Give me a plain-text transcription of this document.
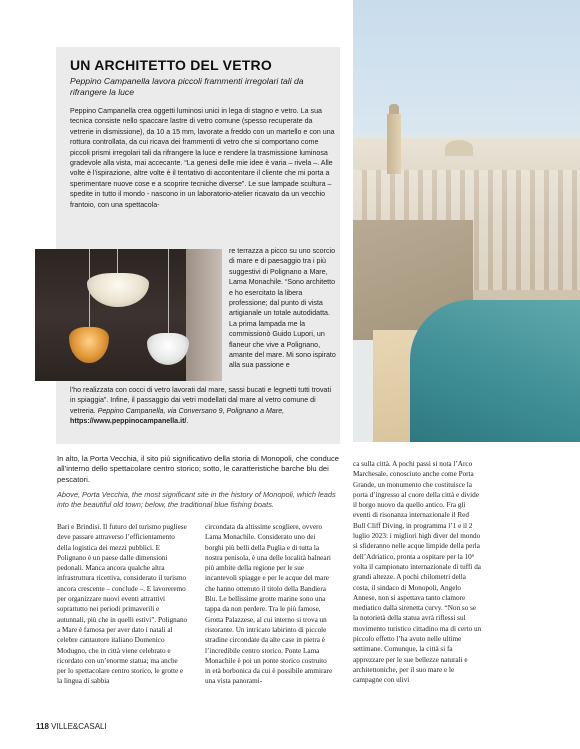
UN ARCHITETTO DEL VETRO
Peppino Campanella lavora piccoli frammenti irregolari tali da rifrangere la luce

Peppino Campanella crea oggetti luminosi unici in lega di stagno e vetro. La sua tecnica consiste nello spaccare lastre di vetro comune (spesso recuperate da vetrerie in dismissione), da 10 a 15 mm, lavorate a freddo con un martello e con una rottura controllata, da cui ricava dei frammenti di vetro che si comportano come piccoli prismi irregolari tali da rifrangere la luce e rendere la trasmissione luminosa gradevole alla vista, mai accecante. “La genesi delle mie idee è varia – rivela –. Alle volte è l’ispirazione, altre volte è il tentativo di accontentare il cliente che mi porta a sperimentare nuove cose e a scoprire tecniche diverse”. Le sue lampade scultura – spedite in tutto il mondo - nascono in un laboratorio-atelier ricavato da un vecchio frantoio, con una spettacola-

re terrazza a picco su uno scorcio di mare e di paesaggio tra i più suggestivi di Polignano a Mare, Lama Monachile. “Sono architetto e ho esercitato la libera professione; dal punto di vista artigianale un totale autodidatta. La prima lampada me la commissionò Guido Lupori, un flaneur che vive a Polignano, amante del mare. Mi sono ispirato alla sua passione e

l’ho realizzata con cocci di vetro lavorati dal mare, sassi bucati e legnetti tutti trovati in spiaggia”. Infine, il passaggio dai vetri modellati dal mare al vetro comune di vetreria. Peppino Campanella, via Conversano 9, Polignano a Mare, https://www.peppinocampanella.it/.

In alto, la Porta Vecchia, il sito più significativo della storia di Monopoli, che conduce all’interno dello spettacolare centro storico; sotto, le caratteristiche barche blu dei pescatori.
Above, Porta Vecchia, the most significant site in the history of Monopoli, which leads into the beautiful old town; below, the traditional blue fishing boats.

Bari e Brindisi. Il futuro del turismo pugliese deve passare attraverso l’efficientamento della logistica dei mezzi pubblici. E Polignano è un paese dalle dimensioni pedonali. Manca ancora qualche altra infrastruttura ricettiva, considerato il turismo ancora crescente – conclude –. E lavoreremo per organizzare nuovi eventi attrattivi soprattutto nei periodi primaverili e autunnali, più che in quelli estivi”. Polignano a Mare è famosa per aver dato i natali al celebre cantautore italiano Domenico Modugno, che in città viene celebrato e ricordato con un’enorme statua; ma anche per lo spettacolare centro storico, le grotte e la lingua di sabbia

circondata da altissime scogliere, ovvero Lama Monachile. Considerato uno dei borghi più belli della Puglia e di tutta la nostra penisola, è una delle località balneari più ambite della regione per le sue incantevoli spiagge e per le acque del mare che hanno ottenuto il titolo della Bandiera Blu. Le bellissime grotte marine sono una tappa da non perdere. Tra le più famose, Grotta Palazzese, al cui interno si trova un ristorante. Un intricato labirinto di piccole stradine circondate da alte case in pietra è l’incredibile centro storico. Ponte Lama Monachile è poi un ponte storico costruito in età borbonica da cui è possibile ammirare una vista panorami-

ca sulla città. A pochi passi si nota l’Arco Marchesale, conosciuto anche come Porta Grande, un monumento che costituisce la porta d’ingresso al cuore della città e divide il borgo nuovo da quello antico. Fra gli eventi di risonanza internazionale il Red Bull Cliff Diving, in programma l’1 e il 2 luglio 2023: i migliori high diver del mondo si sfideranno nelle acque limpide della perla dell’Adriatico, pronta a ospitare per la 10ª volta il campionato internazionale di tuffi da grandi altezze. A pochi chilometri della costa, il sindaco di Monopoli, Angelo Annese, non si aspettava tanto clamore mediatico dalla sirenetta curvy. “Non so se la notorietà della statua avrà riflessi sul movimento turistico cittadino ma di certo un piccolo effetto l’ha avuto nelle ultime settimane. Comunque, la città si fa apprezzare per le sue bellezze naturali e architettoniche, per il suo mare e le campagne con ulivi

118 VILLE&CASALI
